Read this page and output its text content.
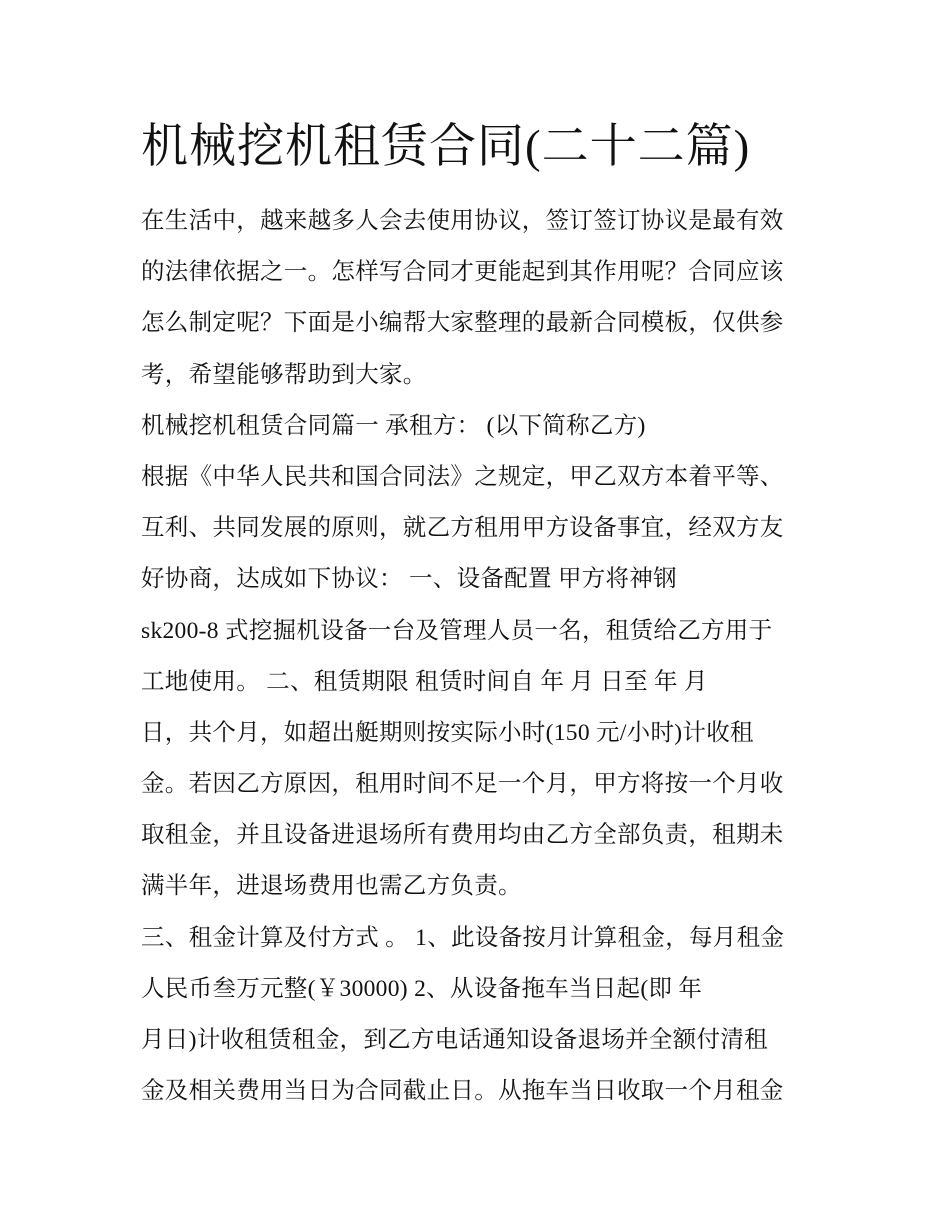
机械挖机租赁合同(二十二篇)
在生活中，越来越多人会去使用协议，签订签订协议是最有效
的法律依据之一。怎样写合同才更能起到其作用呢？合同应该
怎么制定呢？下面是小编帮大家整理的最新合同模板，仅供参
考，希望能够帮助到大家。
机械挖机租赁合同篇一 承租方： (以下简称乙方)
根据《中华人民共和国合同法》之规定，甲乙双方本着平等、
互利、共同发展的原则，就乙方租用甲方设备事宜，经双方友
好协商，达成如下协议： 一、设备配置 甲方将神钢
sk200-8 式挖掘机设备一台及管理人员一名，租赁给乙方用于
工地使用。 二、租赁期限 租赁时间自 年 月 日至 年 月
日，共个月，如超出艇期则按实际小时(150 元/小时)计收租
金。若因乙方原因，租用时间不足一个月，甲方将按一个月收
取租金，并且设备进退场所有费用均由乙方全部负责，租期未
满半年，进退场费用也需乙方负责。
三、租金计算及付方式 。 1、此设备按月计算租金，每月租金
人民币叁万元整(￥30000) 2、从设备拖车当日起(即 年
月日)计收租赁租金，到乙方电话通知设备退场并全额付清租
金及相关费用当日为合同截止日。从拖车当日收取一个月租金
